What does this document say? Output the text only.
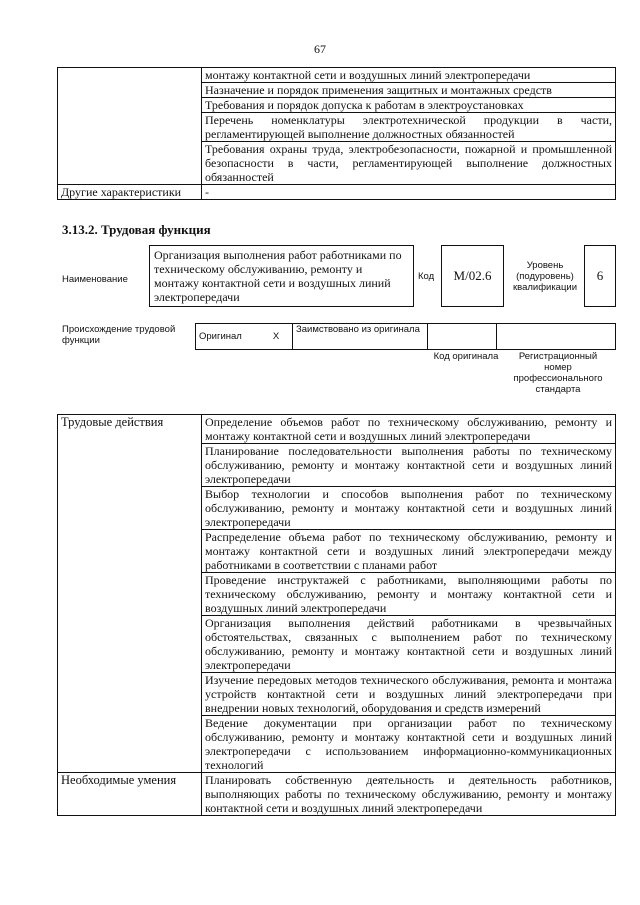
67
	монтажу контактной сети и воздушных линий электропередачи
	Назначение и порядок применения защитных и монтажных средств
	Требования и порядок допуска к работам в электроустановках
	Перечень номенклатуры электротехнической продукции в части, регламентирующей выполнение должностных обязанностей
	Требования охраны труда, электробезопасности, пожарной и промышленной безопасности в части, регламентирующей выполнение должностных обязанностей
Другие характеристики	-
3.13.2. Трудовая функция
Наименование
Организация выполнения работ работниками по техническому обслуживанию, ремонту и монтажу контактной сети и воздушных линий электропередачи
Код	М/02.6
Уровень (подуровень) квалификации
6
Происхождение трудовой функции	Оригинал	X	Заимствовано из оригинала		
Код оригинала	Регистрационный номер профессионального стандарта
Трудовые действия	Определение объемов работ по техническому обслуживанию, ремонту и монтажу контактной сети и воздушных линий электропередачи
	Планирование последовательности выполнения работы по техническому обслуживанию, ремонту и монтажу контактной сети и воздушных линий электропередачи
	Выбор технологии и способов выполнения работ по техническому обслуживанию, ремонту и монтажу контактной сети и воздушных линий электропередачи
	Распределение объема работ по техническому обслуживанию, ремонту и монтажу контактной сети и воздушных линий электропередачи между работниками в соответствии с планами работ
	Проведение инструктажей с работниками, выполняющими работы по техническому обслуживанию, ремонту и монтажу контактной сети и воздушных линий электропередачи
	Организация выполнения действий работниками в чрезвычайных обстоятельствах, связанных с выполнением работ по техническому обслуживанию, ремонту и монтажу контактной сети и воздушных линий электропередачи
	Изучение передовых методов технического обслуживания, ремонта и монтажа устройств контактной сети и воздушных линий электропередачи при внедрении новых технологий, оборудования и средств измерений
	Ведение документации при организации работ по техническому обслуживанию, ремонту и монтажу контактной сети и воздушных линий электропередачи с использованием информационно-коммуникационных технологий
Необходимые умения	Планировать собственную деятельность и деятельность работников, выполняющих работы по техническому обслуживанию, ремонту и монтажу контактной сети и воздушных линий электропередачи
